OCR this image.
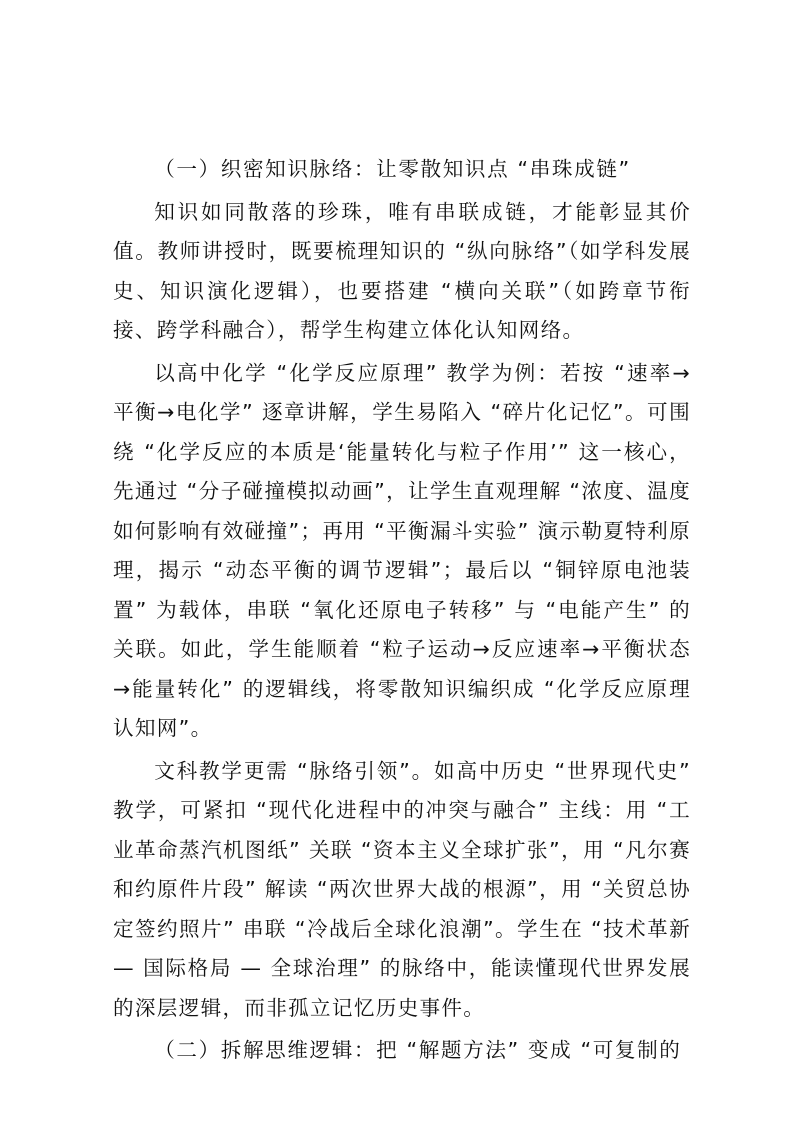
（一）织密知识脉络：让零散知识点 “串珠成链”

知识如同散落的珍珠，唯有串联成链，才能彰显其价值。教师讲授时，既要梳理知识的 “纵向脉络”（如学科发展史、知识演化逻辑），也要搭建 “横向关联”（如跨章节衔接、跨学科融合），帮学生构建立体化认知网络。

以高中化学 “化学反应原理” 教学为例：若按 “速率→平衡→电化学” 逐章讲解，学生易陷入 “碎片化记忆”。可围绕 “化学反应的本质是‘能量转化与粒子作用’” 这一核心，先通过 “分子碰撞模拟动画”，让学生直观理解 “浓度、温度如何影响有效碰撞”；再用 “平衡漏斗实验” 演示勒夏特利原理，揭示 “动态平衡的调节逻辑”；最后以 “铜锌原电池装置” 为载体，串联 “氧化还原电子转移” 与 “电能产生” 的关联。如此，学生能顺着 “粒子运动→反应速率→平衡状态→能量转化” 的逻辑线，将零散知识编织成 “化学反应原理认知网”。

文科教学更需 “脉络引领”。如高中历史 “世界现代史” 教学，可紧扣 “现代化进程中的冲突与融合” 主线：用 “工业革命蒸汽机图纸” 关联 “资本主义全球扩张”，用 “凡尔赛和约原件片段” 解读 “两次世界大战的根源”，用 “关贸总协定签约照片” 串联 “冷战后全球化浪潮”。学生在 “技术革新 — 国际格局 — 全球治理” 的脉络中，能读懂现代世界发展的深层逻辑，而非孤立记忆历史事件。

（二）拆解思维逻辑：把 “解题方法” 变成 “可复制的
